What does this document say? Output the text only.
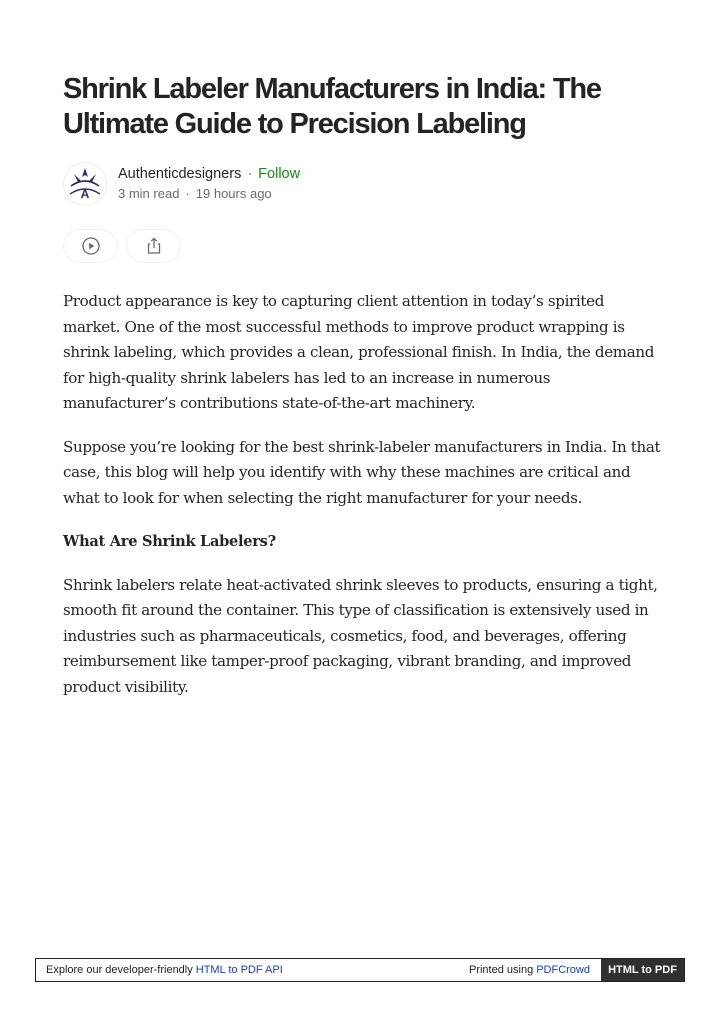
Shrink Labeler Manufacturers in India: The Ultimate Guide to Precision Labeling
A
Authenticdesigners · Follow
3 min read · 19 hours ago

Product appearance is key to capturing client attention in today’s spirited market. One of the most successful methods to improve product wrapping is shrink labeling, which provides a clean, professional finish. In India, the demand for high-quality shrink labelers has led to an increase in numerous manufacturer’s contributions state-of-the-art machinery.

Suppose you’re looking for the best shrink-labeler manufacturers in India. In that case, this blog will help you identify with why these machines are critical and what to look for when selecting the right manufacturer for your needs.

What Are Shrink Labelers?

Shrink labelers relate heat-activated shrink sleeves to products, ensuring a tight, smooth fit around the container. This type of classification is extensively used in industries such as pharmaceuticals, cosmetics, food, and beverages, offering reimbursement like tamper-proof packaging, vibrant branding, and improved product visibility.

Explore our developer-friendly HTML to PDF API	Printed using PDFCrowd	HTML to PDF
